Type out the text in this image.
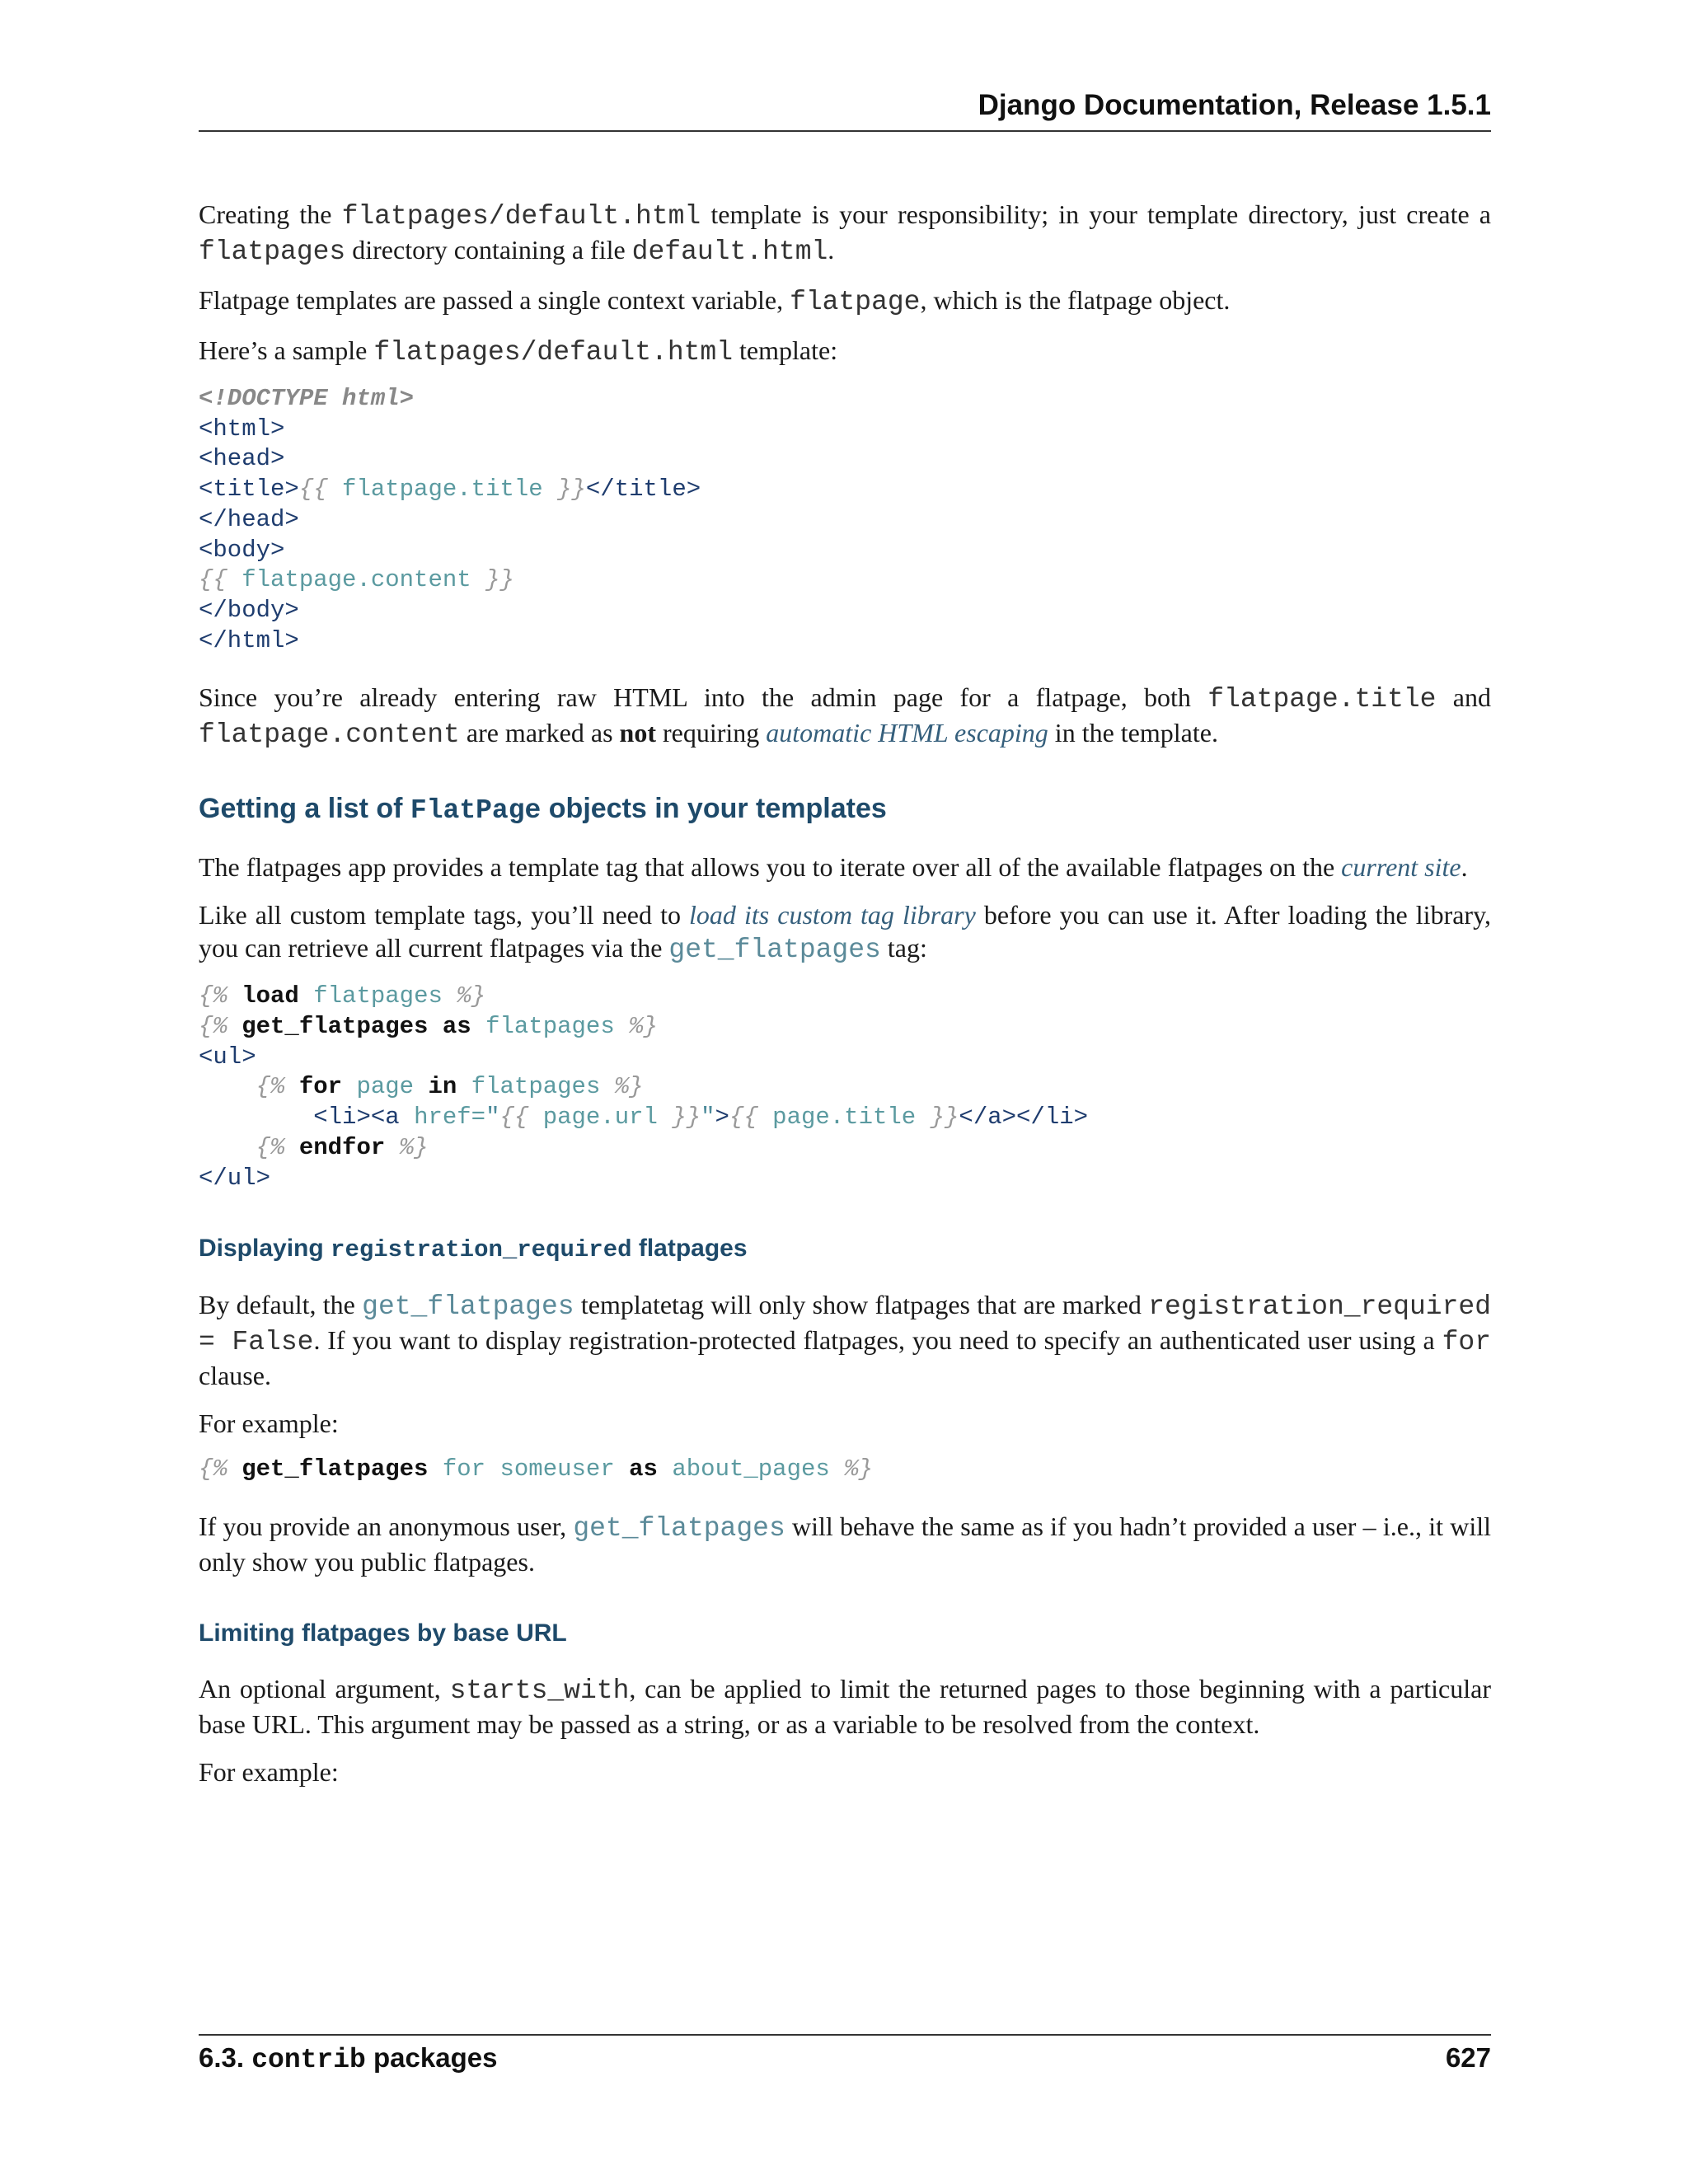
Django Documentation, Release 1.5.1

Creating the flatpages/default.html template is your responsibility; in your template directory, just create a flatpages directory containing a file default.html.

Flatpage templates are passed a single context variable, flatpage, which is the flatpage object.

Here’s a sample flatpages/default.html template:

<!DOCTYPE html>
<html>
<head>
<title>{{ flatpage.title }}</title>
</head>
<body>
{{ flatpage.content }}
</body>
</html>

Since you’re already entering raw HTML into the admin page for a flatpage, both flatpage.title and flatpage.content are marked as not requiring automatic HTML escaping in the template.

Getting a list of FlatPage objects in your templates

The flatpages app provides a template tag that allows you to iterate over all of the available flatpages on the current site.

Like all custom template tags, you’ll need to load its custom tag library before you can use it. After loading the library, you can retrieve all current flatpages via the get_flatpages tag:

{% load flatpages %}
{% get_flatpages as flatpages %}
<ul>
{% for page in flatpages %}
<li><a href="{{ page.url }}">{{ page.title }}</a></li>
{% endfor %}
</ul>
Displaying registration_required flatpages

By default, the get_flatpages templatetag will only show flatpages that are marked registration_required = False. If you want to display registration-protected flatpages, you need to specify an authenticated user using a for clause.

For example:

{% get_flatpages for someuser as about_pages %}

If you provide an anonymous user, get_flatpages will behave the same as if you hadn’t provided a user – i.e., it will only show you public flatpages.

Limiting flatpages by base URL

An optional argument, starts_with, can be applied to limit the returned pages to those beginning with a particular base URL. This argument may be passed as a string, or as a variable to be resolved from the context.

For example:

6.3. contrib packages	627
